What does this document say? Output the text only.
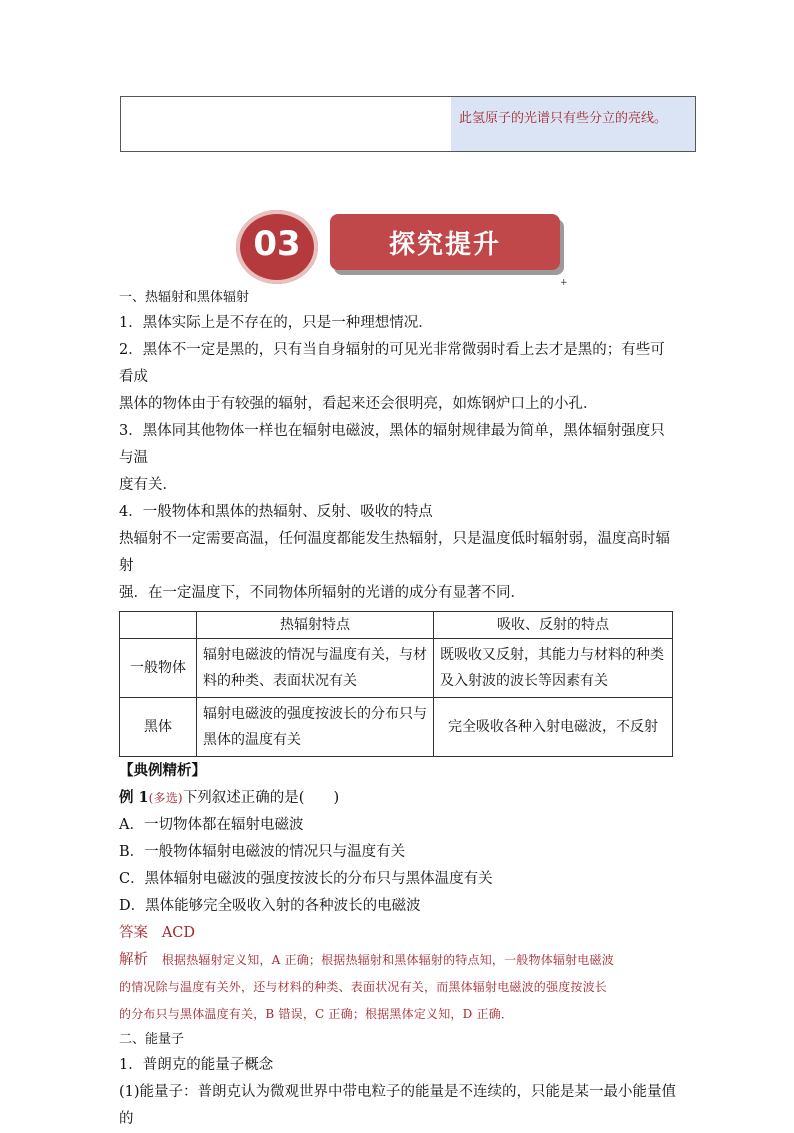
此氢原子的光谱只有些分立的亮线。
03	探究提升
+

一、热辐射和黑体辐射

1．黑体实际上是不存在的，只是一种理想情况．

2．黑体不一定是黑的，只有当自身辐射的可见光非常微弱时看上去才是黑的；有些可看成

黑体的物体由于有较强的辐射，看起来还会很明亮，如炼钢炉口上的小孔．

3．黑体同其他物体一样也在辐射电磁波，黑体的辐射规律最为简单，黑体辐射强度只与温

度有关．

4．一般物体和黑体的热辐射、反射、吸收的特点

热辐射不一定需要高温，任何温度都能发生热辐射，只是温度低时辐射弱，温度高时辐射

强．在一定温度下，不同物体所辐射的光谱的成分有显著不同．

	热辐射特点	吸收、反射的特点
一般物体	辐射电磁波的情况与温度有关，与材料的种类、表面状况有关	既吸收又反射，其能力与材料的种类及入射波的波长等因素有关
黑体	辐射电磁波的强度按波长的分布只与黑体的温度有关	完全吸收各种入射电磁波，不反射

【典例精析】

例 1(多选)下列叙述正确的是(　　)

A．一切物体都在辐射电磁波

B．一般物体辐射电磁波的情况只与温度有关

C．黑体辐射电磁波的强度按波长的分布只与黑体温度有关

D．黑体能够完全吸收入射的各种波长的电磁波

答案 ACD

解析 根据热辐射定义知，A 正确；根据热辐射和黑体辐射的特点知，一般物体辐射电磁波

的情况除与温度有关外，还与材料的种类、表面状况有关，而黑体辐射电磁波的强度按波长

的分布只与黑体温度有关，B 错误，C 正确；根据黑体定义知，D 正确．

二、能量子

1．普朗克的能量子概念

(1)能量子：普朗克认为微观世界中带电粒子的能量是不连续的，只能是某一最小能量值的
